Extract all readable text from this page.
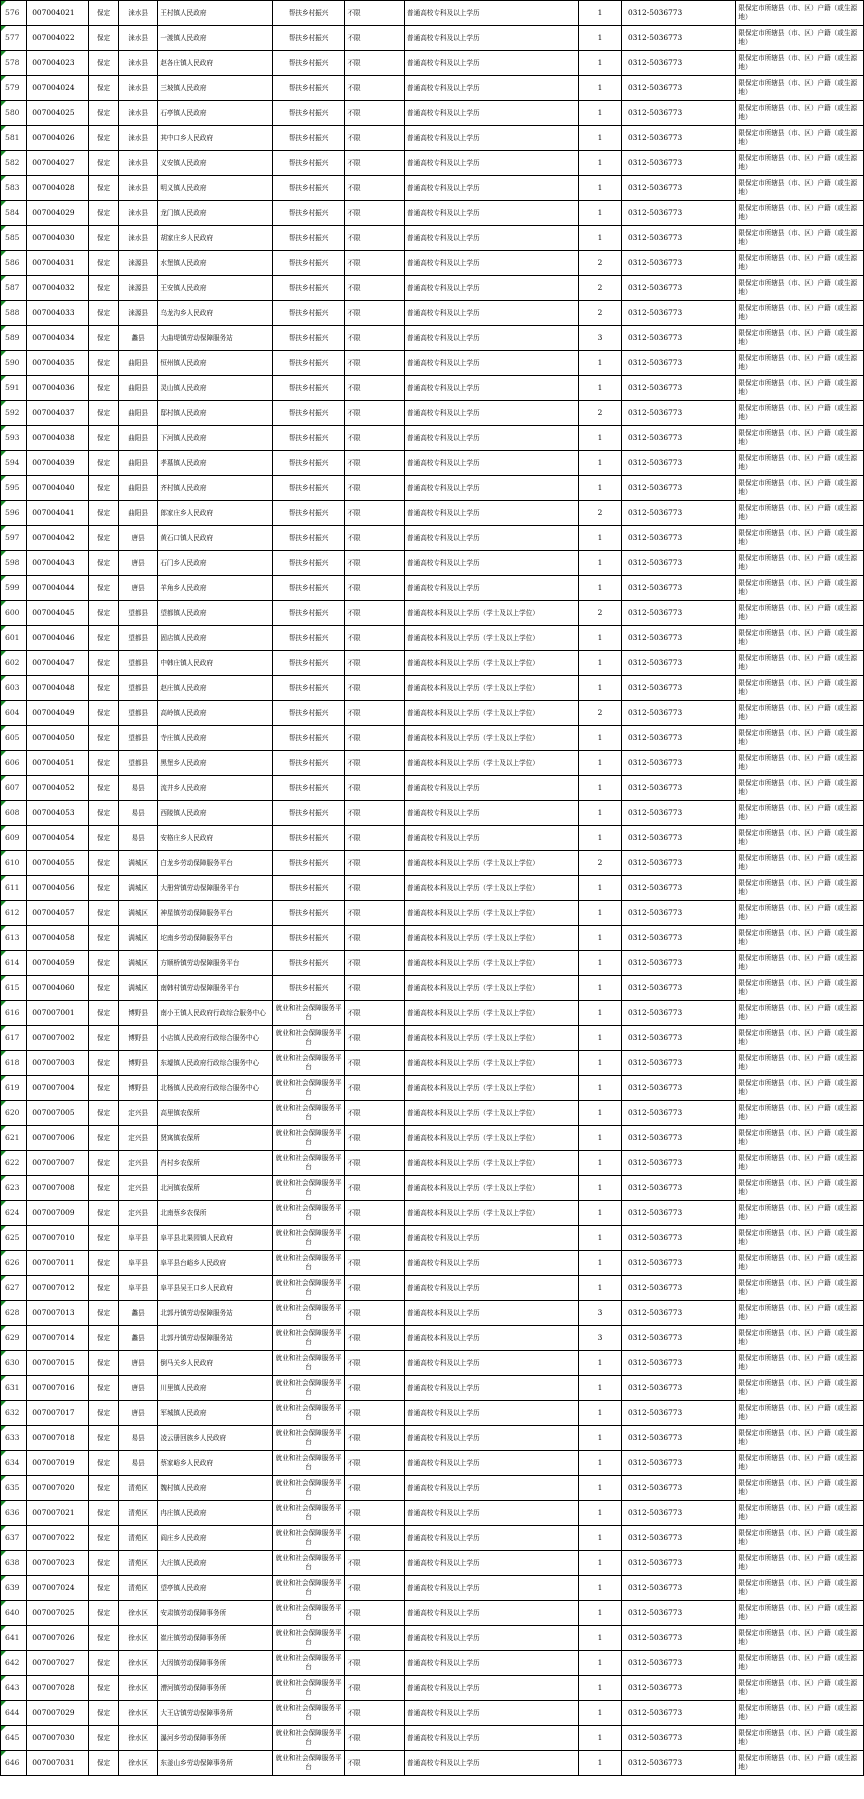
576	007004021	保定	涞水县	王村镇人民政府	帮扶乡村振兴	不限	普通高校专科及以上学历	1	0312-5036773	限保定市所辖县（市、区）户籍（或生源地）
577	007004022	保定	涞水县	一渡镇人民政府	帮扶乡村振兴	不限	普通高校专科及以上学历	1	0312-5036773	限保定市所辖县（市、区）户籍（或生源地）
578	007004023	保定	涞水县	赵各庄镇人民政府	帮扶乡村振兴	不限	普通高校专科及以上学历	1	0312-5036773	限保定市所辖县（市、区）户籍（或生源地）
579	007004024	保定	涞水县	三坡镇人民政府	帮扶乡村振兴	不限	普通高校专科及以上学历	1	0312-5036773	限保定市所辖县（市、区）户籍（或生源地）
580	007004025	保定	涞水县	石亭镇人民政府	帮扶乡村振兴	不限	普通高校专科及以上学历	1	0312-5036773	限保定市所辖县（市、区）户籍（或生源地）
581	007004026	保定	涞水县	其中口乡人民政府	帮扶乡村振兴	不限	普通高校专科及以上学历	1	0312-5036773	限保定市所辖县（市、区）户籍（或生源地）
582	007004027	保定	涞水县	义安镇人民政府	帮扶乡村振兴	不限	普通高校专科及以上学历	1	0312-5036773	限保定市所辖县（市、区）户籍（或生源地）
583	007004028	保定	涞水县	明义镇人民政府	帮扶乡村振兴	不限	普通高校专科及以上学历	1	0312-5036773	限保定市所辖县（市、区）户籍（或生源地）
584	007004029	保定	涞水县	龙门镇人民政府	帮扶乡村振兴	不限	普通高校专科及以上学历	1	0312-5036773	限保定市所辖县（市、区）户籍（或生源地）
585	007004030	保定	涞水县	胡家庄乡人民政府	帮扶乡村振兴	不限	普通高校专科及以上学历	1	0312-5036773	限保定市所辖县（市、区）户籍（或生源地）
586	007004031	保定	涞源县	水堡镇人民政府	帮扶乡村振兴	不限	普通高校专科及以上学历	2	0312-5036773	限保定市所辖县（市、区）户籍（或生源地）
587	007004032	保定	涞源县	王安镇人民政府	帮扶乡村振兴	不限	普通高校专科及以上学历	2	0312-5036773	限保定市所辖县（市、区）户籍（或生源地）
588	007004033	保定	涞源县	乌龙沟乡人民政府	帮扶乡村振兴	不限	普通高校专科及以上学历	2	0312-5036773	限保定市所辖县（市、区）户籍（或生源地）
589	007004034	保定	蠡县	大曲堤镇劳动保障服务站	帮扶乡村振兴	不限	普通高校专科及以上学历	3	0312-5036773	限保定市所辖县（市、区）户籍（或生源地）
590	007004035	保定	曲阳县	恒州镇人民政府	帮扶乡村振兴	不限	普通高校专科及以上学历	1	0312-5036773	限保定市所辖县（市、区）户籍（或生源地）
591	007004036	保定	曲阳县	灵山镇人民政府	帮扶乡村振兴	不限	普通高校专科及以上学历	1	0312-5036773	限保定市所辖县（市、区）户籍（或生源地）
592	007004037	保定	曲阳县	邸村镇人民政府	帮扶乡村振兴	不限	普通高校专科及以上学历	2	0312-5036773	限保定市所辖县（市、区）户籍（或生源地）
593	007004038	保定	曲阳县	下河镇人民政府	帮扶乡村振兴	不限	普通高校专科及以上学历	1	0312-5036773	限保定市所辖县（市、区）户籍（或生源地）
594	007004039	保定	曲阳县	孝墓镇人民政府	帮扶乡村振兴	不限	普通高校专科及以上学历	1	0312-5036773	限保定市所辖县（市、区）户籍（或生源地）
595	007004040	保定	曲阳县	齐村镇人民政府	帮扶乡村振兴	不限	普通高校专科及以上学历	1	0312-5036773	限保定市所辖县（市、区）户籍（或生源地）
596	007004041	保定	曲阳县	郎家庄乡人民政府	帮扶乡村振兴	不限	普通高校专科及以上学历	2	0312-5036773	限保定市所辖县（市、区）户籍（或生源地）
597	007004042	保定	唐县	黄石口镇人民政府	帮扶乡村振兴	不限	普通高校专科及以上学历	1	0312-5036773	限保定市所辖县（市、区）户籍（或生源地）
598	007004043	保定	唐县	石门乡人民政府	帮扶乡村振兴	不限	普通高校专科及以上学历	1	0312-5036773	限保定市所辖县（市、区）户籍（或生源地）
599	007004044	保定	唐县	羊角乡人民政府	帮扶乡村振兴	不限	普通高校专科及以上学历	1	0312-5036773	限保定市所辖县（市、区）户籍（或生源地）
600	007004045	保定	望都县	望都镇人民政府	帮扶乡村振兴	不限	普通高校本科及以上学历（学士及以上学位）	2	0312-5036773	限保定市所辖县（市、区）户籍（或生源地）
601	007004046	保定	望都县	固店镇人民政府	帮扶乡村振兴	不限	普通高校本科及以上学历（学士及以上学位）	1	0312-5036773	限保定市所辖县（市、区）户籍（或生源地）
602	007004047	保定	望都县	中韩庄镇人民政府	帮扶乡村振兴	不限	普通高校本科及以上学历（学士及以上学位）	1	0312-5036773	限保定市所辖县（市、区）户籍（或生源地）
603	007004048	保定	望都县	赵庄镇人民政府	帮扶乡村振兴	不限	普通高校本科及以上学历（学士及以上学位）	1	0312-5036773	限保定市所辖县（市、区）户籍（或生源地）
604	007004049	保定	望都县	高岭镇人民政府	帮扶乡村振兴	不限	普通高校本科及以上学历（学士及以上学位）	2	0312-5036773	限保定市所辖县（市、区）户籍（或生源地）
605	007004050	保定	望都县	寺庄镇人民政府	帮扶乡村振兴	不限	普通高校本科及以上学历（学士及以上学位）	1	0312-5036773	限保定市所辖县（市、区）户籍（或生源地）
606	007004051	保定	望都县	黑堡乡人民政府	帮扶乡村振兴	不限	普通高校本科及以上学历（学士及以上学位）	1	0312-5036773	限保定市所辖县（市、区）户籍（或生源地）
607	007004052	保定	易县	流井乡人民政府	帮扶乡村振兴	不限	普通高校专科及以上学历	1	0312-5036773	限保定市所辖县（市、区）户籍（或生源地）
608	007004053	保定	易县	西陵镇人民政府	帮扶乡村振兴	不限	普通高校专科及以上学历	1	0312-5036773	限保定市所辖县（市、区）户籍（或生源地）
609	007004054	保定	易县	安格庄乡人民政府	帮扶乡村振兴	不限	普通高校专科及以上学历	1	0312-5036773	限保定市所辖县（市、区）户籍（或生源地）
610	007004055	保定	满城区	白龙乡劳动保障服务平台	帮扶乡村振兴	不限	普通高校本科及以上学历（学士及以上学位）	2	0312-5036773	限保定市所辖县（市、区）户籍（或生源地）
611	007004056	保定	满城区	大册营镇劳动保障服务平台	帮扶乡村振兴	不限	普通高校本科及以上学历（学士及以上学位）	1	0312-5036773	限保定市所辖县（市、区）户籍（或生源地）
612	007004057	保定	满城区	神星镇劳动保障服务平台	帮扶乡村振兴	不限	普通高校本科及以上学历（学士及以上学位）	1	0312-5036773	限保定市所辖县（市、区）户籍（或生源地）
613	007004058	保定	满城区	坨南乡劳动保障服务平台	帮扶乡村振兴	不限	普通高校本科及以上学历（学士及以上学位）	1	0312-5036773	限保定市所辖县（市、区）户籍（或生源地）
614	007004059	保定	满城区	方顺桥镇劳动保障服务平台	帮扶乡村振兴	不限	普通高校本科及以上学历（学士及以上学位）	1	0312-5036773	限保定市所辖县（市、区）户籍（或生源地）
615	007004060	保定	满城区	南韩村镇劳动保障服务平台	帮扶乡村振兴	不限	普通高校本科及以上学历（学士及以上学位）	1	0312-5036773	限保定市所辖县（市、区）户籍（或生源地）
616	007007001	保定	博野县	南小王镇人民政府行政综合服务中心	就业和社会保障服务平台	不限	普通高校本科及以上学历（学士及以上学位）	1	0312-5036773	限保定市所辖县（市、区）户籍（或生源地）
617	007007002	保定	博野县	小店镇人民政府行政综合服务中心	就业和社会保障服务平台	不限	普通高校本科及以上学历（学士及以上学位）	1	0312-5036773	限保定市所辖县（市、区）户籍（或生源地）
618	007007003	保定	博野县	东墟镇人民政府行政综合服务中心	就业和社会保障服务平台	不限	普通高校本科及以上学历（学士及以上学位）	1	0312-5036773	限保定市所辖县（市、区）户籍（或生源地）
619	007007004	保定	博野县	北杨镇人民政府行政综合服务中心	就业和社会保障服务平台	不限	普通高校本科及以上学历（学士及以上学位）	1	0312-5036773	限保定市所辖县（市、区）户籍（或生源地）
620	007007005	保定	定兴县	高里镇农保所	就业和社会保障服务平台	不限	普通高校本科及以上学历（学士及以上学位）	1	0312-5036773	限保定市所辖县（市、区）户籍（或生源地）
621	007007006	保定	定兴县	贤寓镇农保所	就业和社会保障服务平台	不限	普通高校本科及以上学历（学士及以上学位）	1	0312-5036773	限保定市所辖县（市、区）户籍（或生源地）
622	007007007	保定	定兴县	肖村乡农保所	就业和社会保障服务平台	不限	普通高校本科及以上学历（学士及以上学位）	1	0312-5036773	限保定市所辖县（市、区）户籍（或生源地）
623	007007008	保定	定兴县	北河镇农保所	就业和社会保障服务平台	不限	普通高校本科及以上学历（学士及以上学位）	1	0312-5036773	限保定市所辖县（市、区）户籍（或生源地）
624	007007009	保定	定兴县	北南蔡乡农保所	就业和社会保障服务平台	不限	普通高校本科及以上学历（学士及以上学位）	1	0312-5036773	限保定市所辖县（市、区）户籍（或生源地）
625	007007010	保定	阜平县	阜平县北果园镇人民政府	就业和社会保障服务平台	不限	普通高校专科及以上学历	1	0312-5036773	限保定市所辖县（市、区）户籍（或生源地）
626	007007011	保定	阜平县	阜平县台峪乡人民政府	就业和社会保障服务平台	不限	普通高校专科及以上学历	1	0312-5036773	限保定市所辖县（市、区）户籍（或生源地）
627	007007012	保定	阜平县	阜平县吴王口乡人民政府	就业和社会保障服务平台	不限	普通高校专科及以上学历	1	0312-5036773	限保定市所辖县（市、区）户籍（或生源地）
628	007007013	保定	蠡县	北郭丹镇劳动保障服务站	就业和社会保障服务平台	不限	普通高校本科及以上学历	3	0312-5036773	限保定市所辖县（市、区）户籍（或生源地）
629	007007014	保定	蠡县	北郭丹镇劳动保障服务站	就业和社会保障服务平台	不限	普通高校本科及以上学历	3	0312-5036773	限保定市所辖县（市、区）户籍（或生源地）
630	007007015	保定	唐县	倒马关乡人民政府	就业和社会保障服务平台	不限	普通高校专科及以上学历	1	0312-5036773	限保定市所辖县（市、区）户籍（或生源地）
631	007007016	保定	唐县	川里镇人民政府	就业和社会保障服务平台	不限	普通高校专科及以上学历	1	0312-5036773	限保定市所辖县（市、区）户籍（或生源地）
632	007007017	保定	唐县	军城镇人民政府	就业和社会保障服务平台	不限	普通高校专科及以上学历	1	0312-5036773	限保定市所辖县（市、区）户籍（或生源地）
633	007007018	保定	易县	凌云册回族乡人民政府	就业和社会保障服务平台	不限	普通高校专科及以上学历	1	0312-5036773	限保定市所辖县（市、区）户籍（或生源地）
634	007007019	保定	易县	蔡家峪乡人民政府	就业和社会保障服务平台	不限	普通高校专科及以上学历	1	0312-5036773	限保定市所辖县（市、区）户籍（或生源地）
635	007007020	保定	清苑区	魏村镇人民政府	就业和社会保障服务平台	不限	普通高校专科及以上学历	1	0312-5036773	限保定市所辖县（市、区）户籍（或生源地）
636	007007021	保定	清苑区	冉庄镇人民政府	就业和社会保障服务平台	不限	普通高校专科及以上学历	1	0312-5036773	限保定市所辖县（市、区）户籍（或生源地）
637	007007022	保定	清苑区	阎庄乡人民政府	就业和社会保障服务平台	不限	普通高校专科及以上学历	1	0312-5036773	限保定市所辖县（市、区）户籍（或生源地）
638	007007023	保定	清苑区	大庄镇人民政府	就业和社会保障服务平台	不限	普通高校专科及以上学历	1	0312-5036773	限保定市所辖县（市、区）户籍（或生源地）
639	007007024	保定	清苑区	望亭镇人民政府	就业和社会保障服务平台	不限	普通高校专科及以上学历	1	0312-5036773	限保定市所辖县（市、区）户籍（或生源地）
640	007007025	保定	徐水区	安肃镇劳动保障事务所	就业和社会保障服务平台	不限	普通高校专科及以上学历	1	0312-5036773	限保定市所辖县（市、区）户籍（或生源地）
641	007007026	保定	徐水区	崔庄镇劳动保障事务所	就业和社会保障服务平台	不限	普通高校专科及以上学历	1	0312-5036773	限保定市所辖县（市、区）户籍（或生源地）
642	007007027	保定	徐水区	大因镇劳动保障事务所	就业和社会保障服务平台	不限	普通高校专科及以上学历	1	0312-5036773	限保定市所辖县（市、区）户籍（或生源地）
643	007007028	保定	徐水区	漕河镇劳动保障事务所	就业和社会保障服务平台	不限	普通高校专科及以上学历	1	0312-5036773	限保定市所辖县（市、区）户籍（或生源地）
644	007007029	保定	徐水区	大王店镇劳动保障事务所	就业和社会保障服务平台	不限	普通高校专科及以上学历	1	0312-5036773	限保定市所辖县（市、区）户籍（或生源地）
645	007007030	保定	徐水区	瀑河乡劳动保障事务所	就业和社会保障服务平台	不限	普通高校专科及以上学历	1	0312-5036773	限保定市所辖县（市、区）户籍（或生源地）
646	007007031	保定	徐水区	东釜山乡劳动保障事务所	就业和社会保障服务平台	不限	普通高校专科及以上学历	1	0312-5036773	限保定市所辖县（市、区）户籍（或生源地）
